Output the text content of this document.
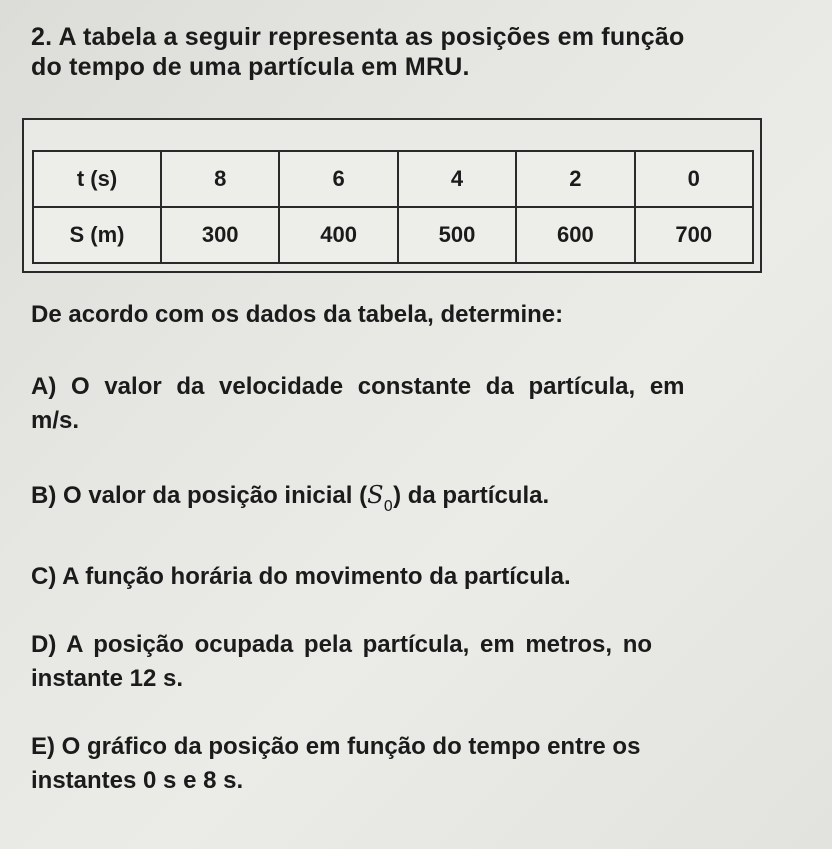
2. A tabela a seguir representa as posições em função
do tempo de uma partícula em MRU.
t (s)	8	6	4	2	0
S (m)	300	400	500	600	700
De acordo com os dados da tabela, determine:
A) O valor da velocidade constante da partícula, em
m/s.
B) O valor da posição inicial $(S_0)$ da partícula.
C) A função horária do movimento da partícula.
D) A posição ocupada pela partícula, em metros, no
instante 12 s.
E) O gráfico da posição em função do tempo entre os
instantes 0 s e 8 s.
